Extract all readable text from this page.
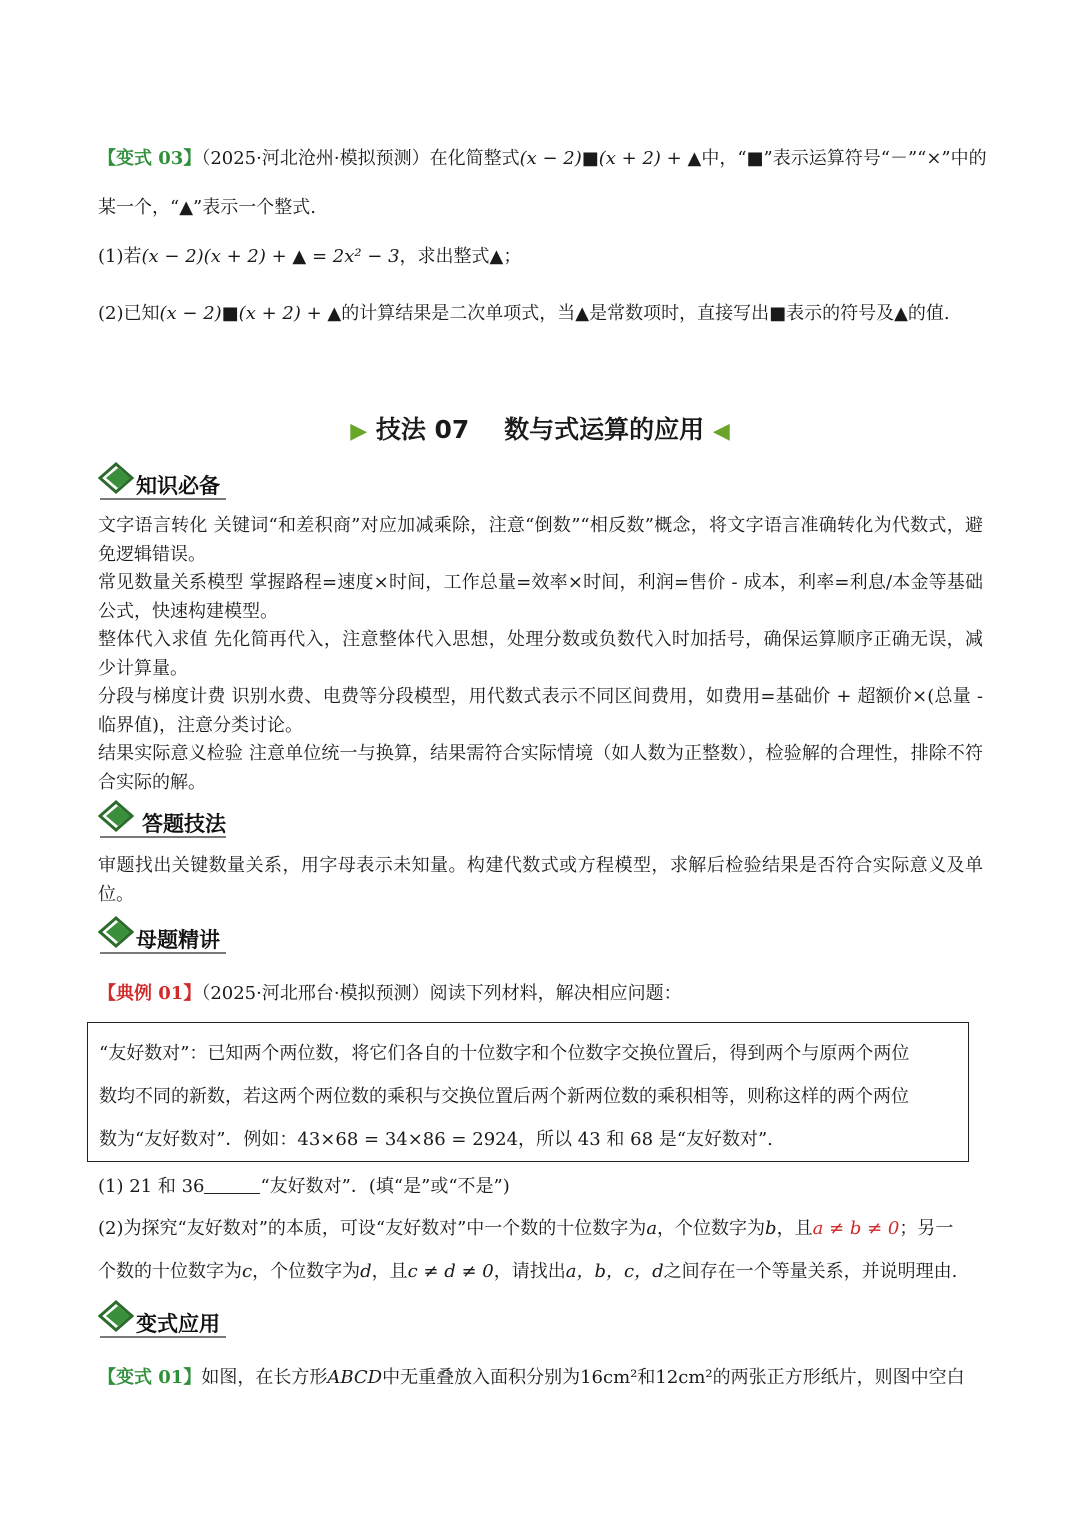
【变式 03】（2025·河北沧州·模拟预测）在化简整式(x − 2)■(x + 2) + ▲中，“■”表示运算符号“－”“×”中的
某一个，“▲”表示一个整式.
(1)若(x − 2)(x + 2) + ▲ = 2x² − 3，求出整式▲；
(2)已知(x − 2)■(x + 2) + ▲的计算结果是二次单项式，当▲是常数项时，直接写出■表示的符号及▲的值.
▶ 技法 07 数与式运算的应用 ◀
知识必备
文字语言转化 关键词“和差积商”对应加减乘除，注意“倒数”“相反数”概念，将文字语言准确转化为代数式，避免逻辑错误。
常见数量关系模型 掌握路程=速度×时间，工作总量=效率×时间，利润=售价 - 成本，利率=利息/本金等基础公式，快速构建模型。
整体代入求值 先化简再代入，注意整体代入思想，处理分数或负数代入时加括号，确保运算顺序正确无误，减少计算量。
分段与梯度计费 识别水费、电费等分段模型，用代数式表示不同区间费用，如费用=基础价 + 超额价×(总量 - 临界值)，注意分类讨论。
结果实际意义检验 注意单位统一与换算，结果需符合实际情境（如人数为正整数），检验解的合理性，排除不符合实际的解。
答题技法
审题找出关键数量关系，用字母表示未知量。构建代数式或方程模型，求解后检验结果是否符合实际意义及单位。
母题精讲
【典例 01】（2025·河北邢台·模拟预测）阅读下列材料，解决相应问题：
“友好数对”：已知两个两位数，将它们各自的十位数字和个位数字交换位置后，得到两个与原两个两位
数均不同的新数，若这两个两位数的乘积与交换位置后两个新两位数的乘积相等，则称这样的两个两位
数为“友好数对”．例如：43×68 = 34×86 = 2924，所以 43 和 68 是“友好数对”.
(1) 21 和 36	“友好数对”．(填“是”或“不是”)
(2)为探究“友好数对”的本质，可设“友好数对”中一个数的十位数字为a，个位数字为b，且a ≠ b ≠ 0；另一
个数的十位数字为c，个位数字为d，且c ≠ d ≠ 0，请找出a，b，c，d之间存在一个等量关系，并说明理由.
变式应用
【变式 01】如图，在长方形ABCD中无重叠放入面积分别为16cm²和12cm²的两张正方形纸片，则图中空白
